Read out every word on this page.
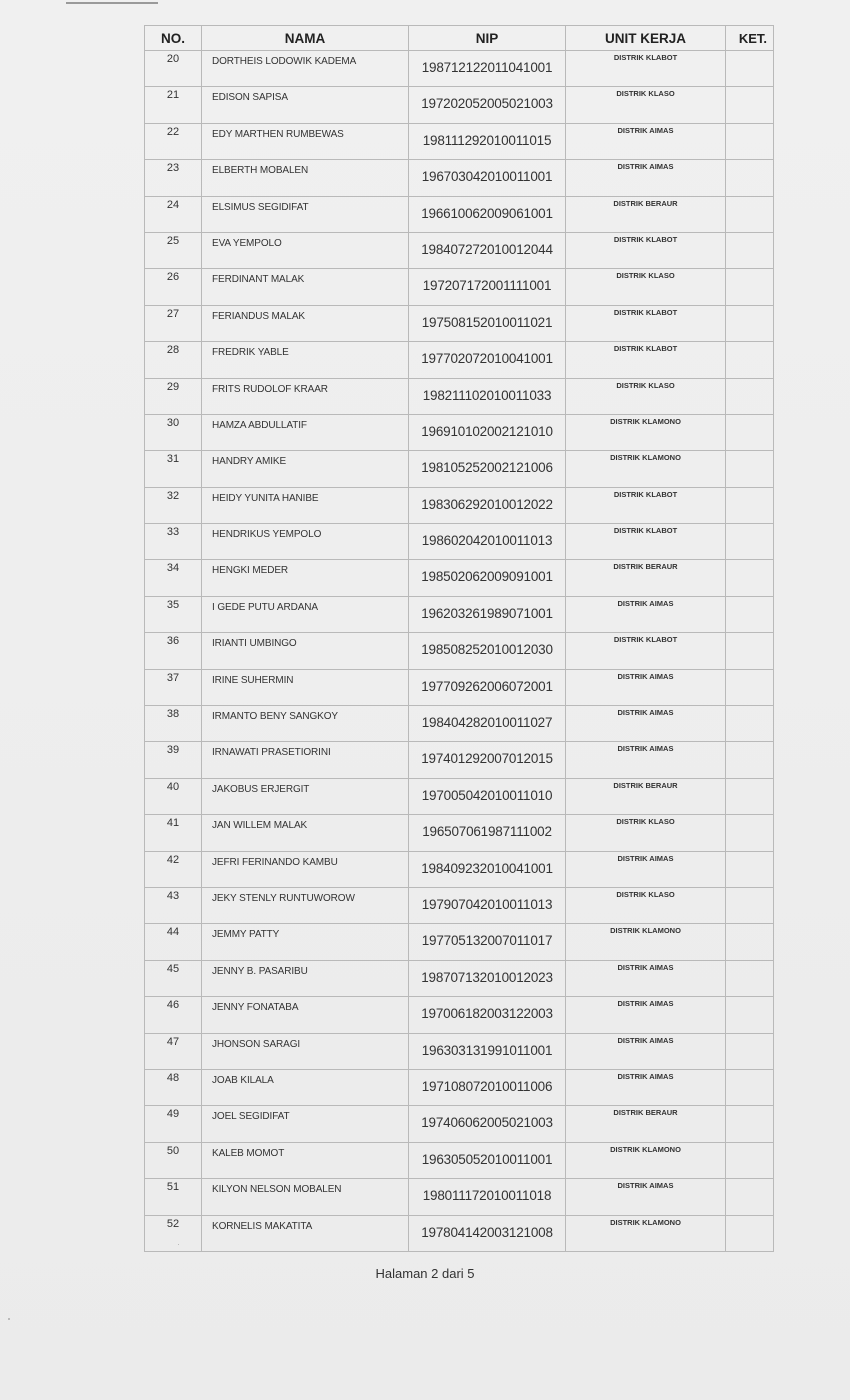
NO.	NAMA	NIP	UNIT KERJA	KET.
20	DORTHEIS LODOWIK KADEMA	198712122011041001	DISTRIK KLABOT	
21	EDISON SAPISA	197202052005021003	DISTRIK KLASO	
22	EDY MARTHEN RUMBEWAS	198111292010011015	DISTRIK AIMAS	
23	ELBERTH MOBALEN	196703042010011001	DISTRIK AIMAS	
24	ELSIMUS SEGIDIFAT	196610062009061001	DISTRIK BERAUR	
25	EVA YEMPOLO	198407272010012044	DISTRIK KLABOT	
26	FERDINANT MALAK	197207172001111001	DISTRIK KLASO	
27	FERIANDUS MALAK	197508152010011021	DISTRIK KLABOT	
28	FREDRIK YABLE	197702072010041001	DISTRIK KLABOT	
29	FRITS RUDOLOF KRAAR	198211102010011033	DISTRIK KLASO	
30	HAMZA ABDULLATIF	196910102002121010	DISTRIK KLAMONO	
31	HANDRY AMIKE	198105252002121006	DISTRIK KLAMONO	
32	HEIDY YUNITA HANIBE	198306292010012022	DISTRIK KLABOT	
33	HENDRIKUS YEMPOLO	198602042010011013	DISTRIK KLABOT	
34	HENGKI MEDER	198502062009091001	DISTRIK BERAUR	
35	I GEDE PUTU ARDANA	196203261989071001	DISTRIK AIMAS	
36	IRIANTI UMBINGO	198508252010012030	DISTRIK KLABOT	
37	IRINE SUHERMIN	197709262006072001	DISTRIK AIMAS	
38	IRMANTO BENY SANGKOY	198404282010011027	DISTRIK AIMAS	
39	IRNAWATI PRASETIORINI	197401292007012015	DISTRIK AIMAS	
40	JAKOBUS ERJERGIT	197005042010011010	DISTRIK BERAUR	
41	JAN WILLEM MALAK	196507061987111002	DISTRIK KLASO	
42	JEFRI FERINANDO KAMBU	198409232010041001	DISTRIK AIMAS	
43	JEKY STENLY RUNTUWOROW	197907042010011013	DISTRIK KLASO	
44	JEMMY PATTY	197705132007011017	DISTRIK KLAMONO	
45	JENNY B. PASARIBU	198707132010012023	DISTRIK AIMAS	
46	JENNY FONATABA	197006182003122003	DISTRIK AIMAS	
47	JHONSON SARAGI	196303131991011001	DISTRIK AIMAS	
48	JOAB KILALA	197108072010011006	DISTRIK AIMAS	
49	JOEL SEGIDIFAT	197406062005021003	DISTRIK BERAUR	
50	KALEB MOMOT	196305052010011001	DISTRIK KLAMONO	
51	KILYON NELSON MOBALEN	198011172010011018	DISTRIK AIMAS	
52	KORNELIS MAKATITA	197804142003121008	DISTRIK KLAMONO	
Halaman 2 dari 5
